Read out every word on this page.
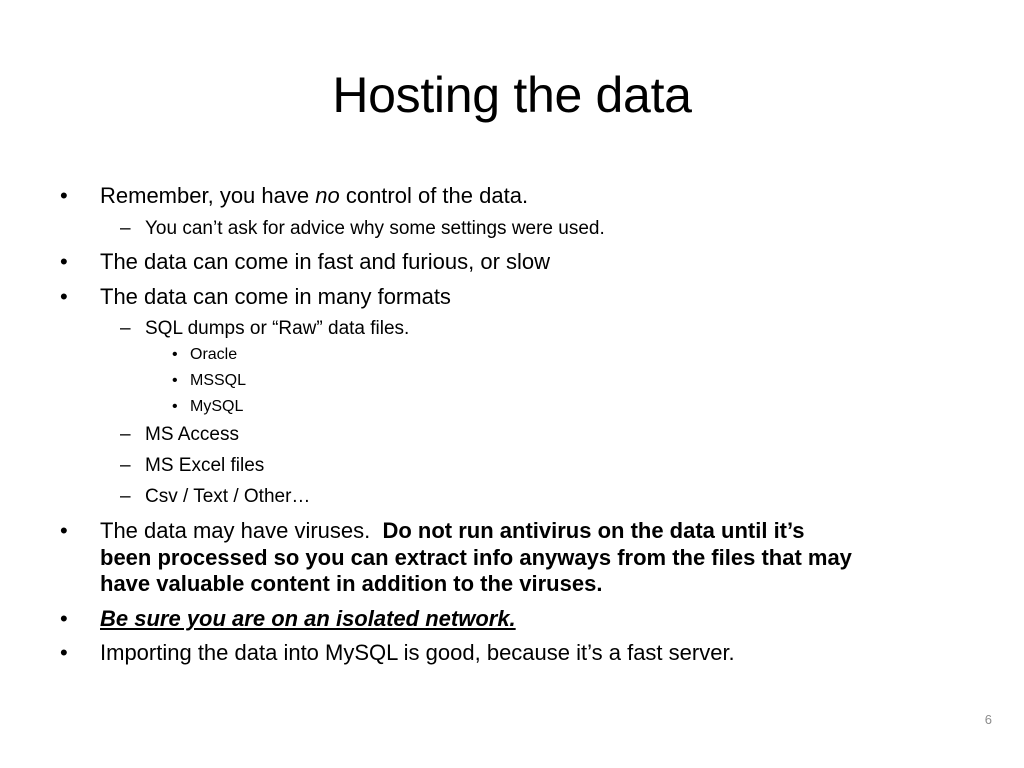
Hosting the data
• Remember, you have no control of the data.
– You can’t ask for advice why some settings were used.
• The data can come in fast and furious, or slow
• The data can come in many formats
– SQL dumps or “Raw” data files.
• Oracle
• MSSQL
• MySQL
– MS Access
– MS Excel files
– Csv / Text / Other…
• The data may have viruses.  Do not run antivirus on the data until it’s
been processed so you can extract info anyways from the files that may
have valuable content in addition to the viruses.
• Be sure you are on an isolated network.
• Importing the data into MySQL is good, because it’s a fast server.
6
